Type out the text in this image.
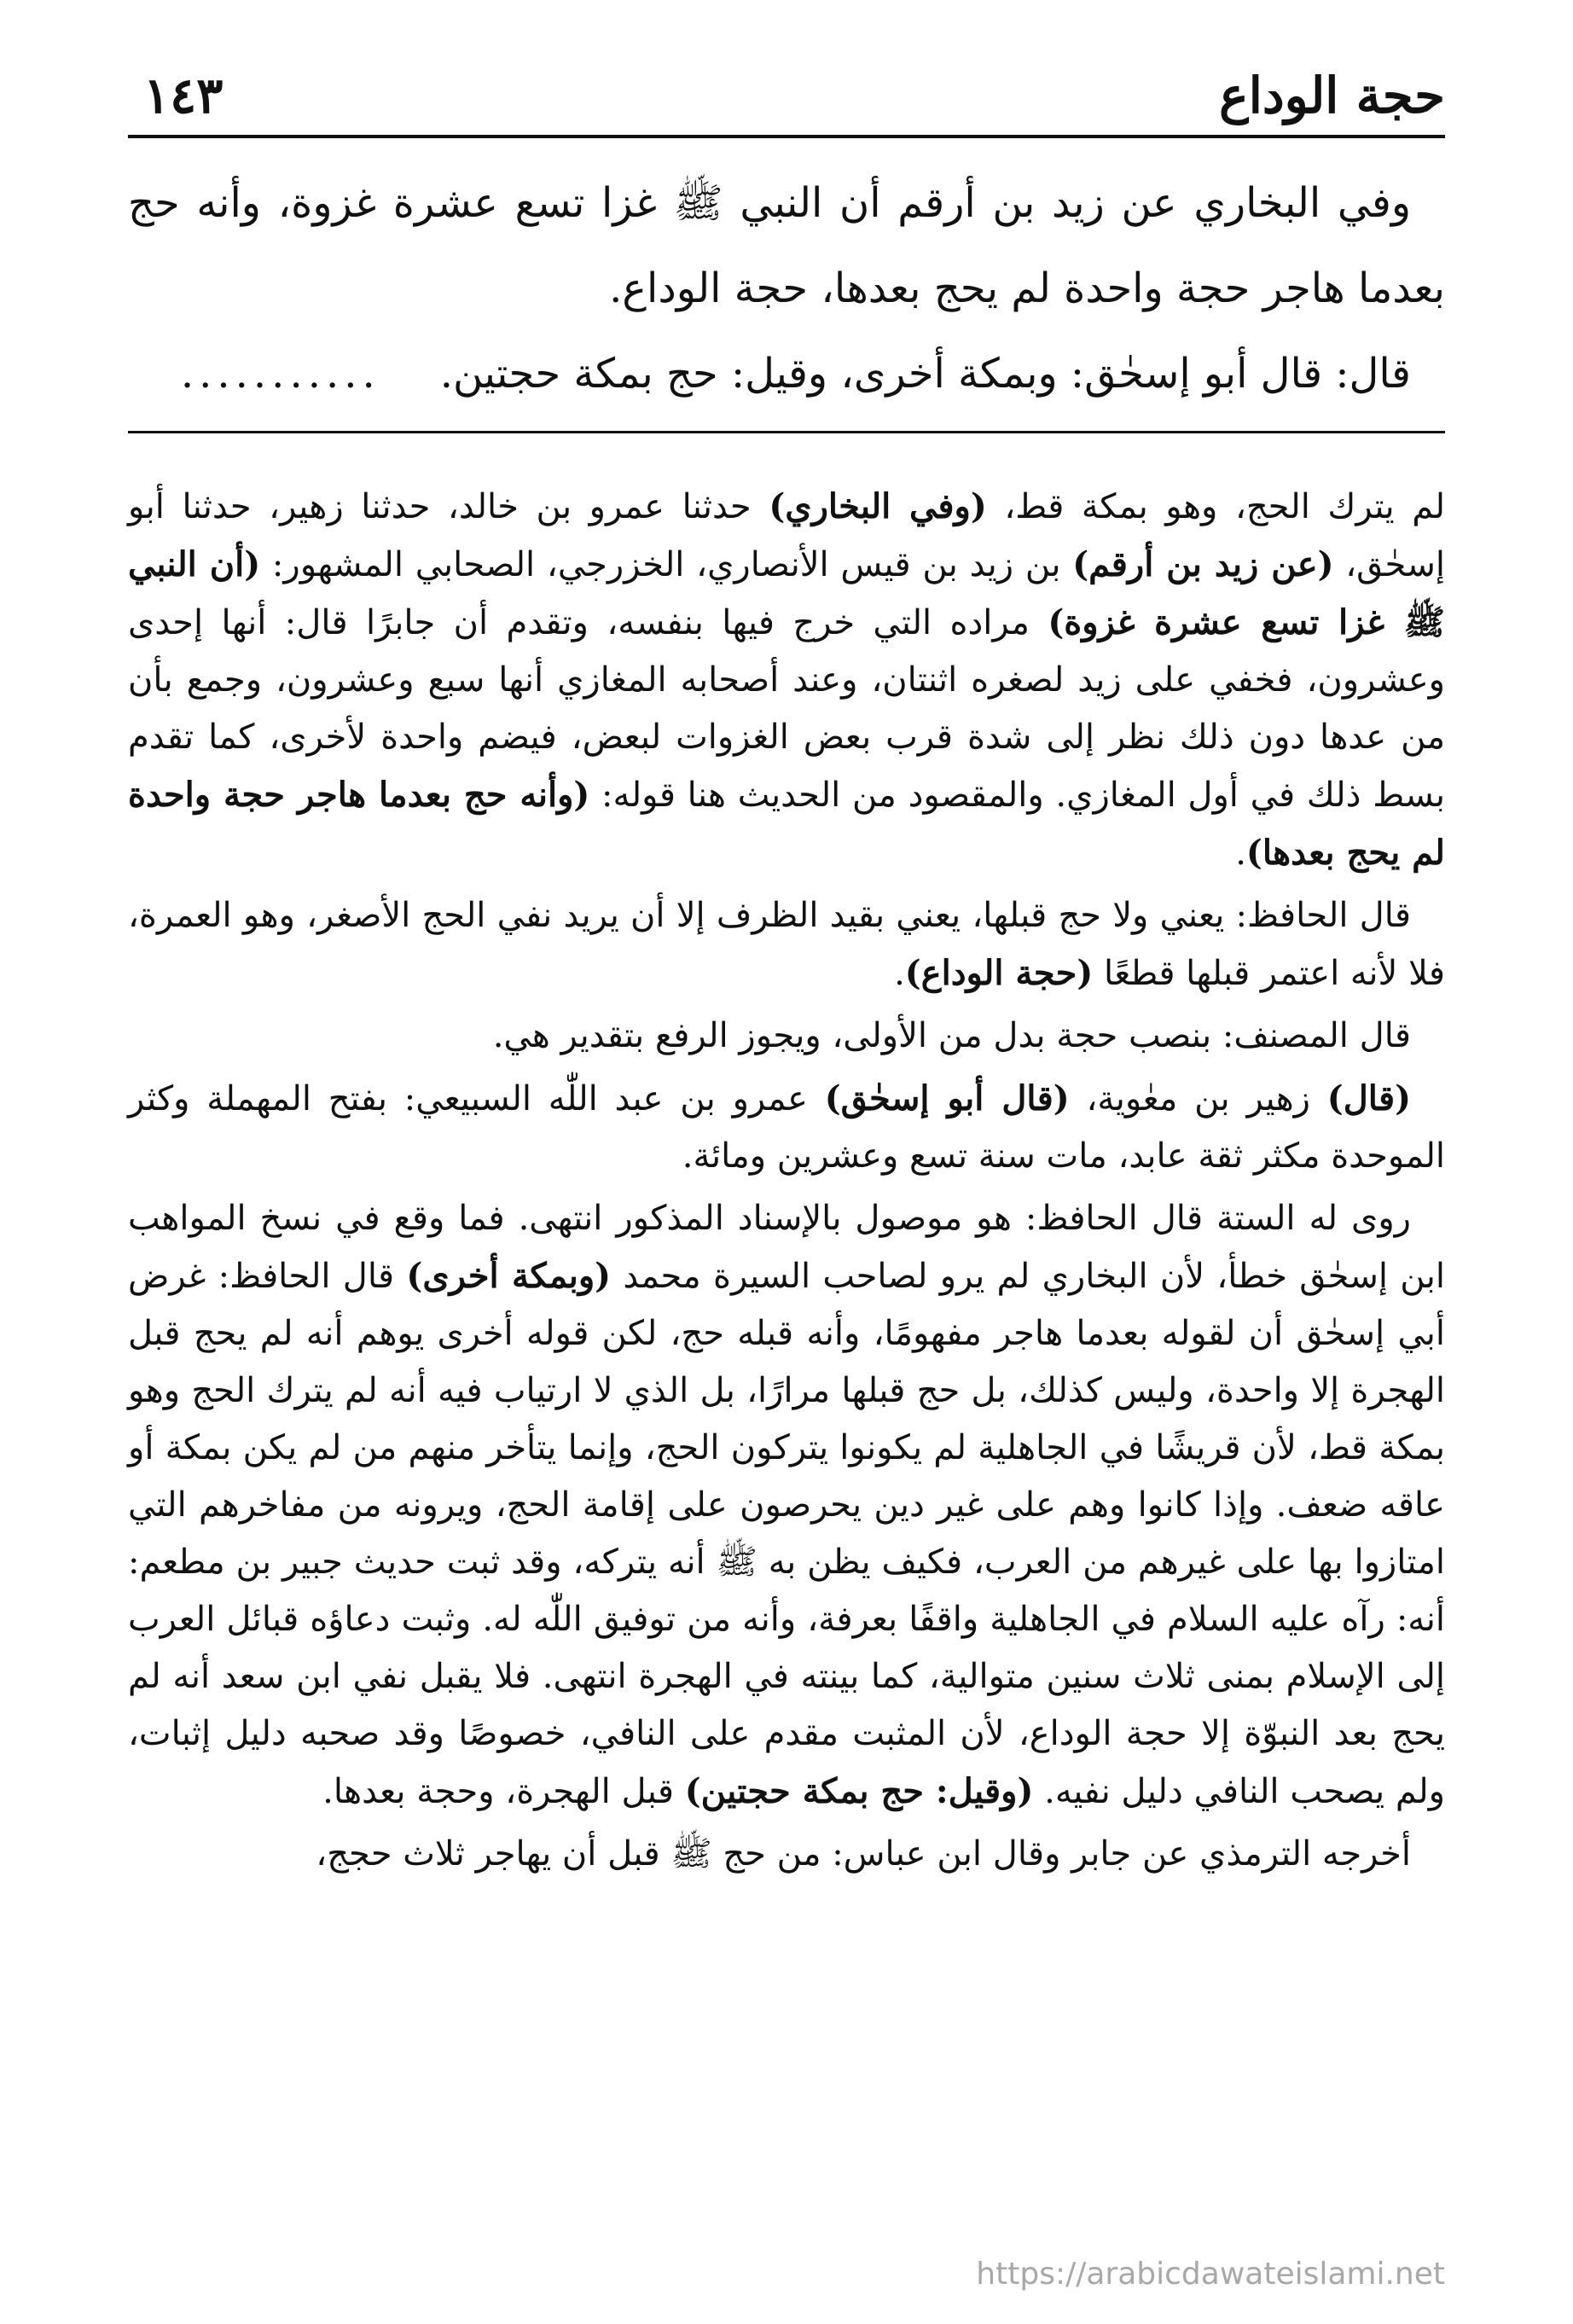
حجة الوداع
١٤٣

وفي البخاري عن زيد بن أرقم أن النبي ﷺ غزا تسع عشرة غزوة، وأنه حج بعدما هاجر حجة واحدة لم يحج بعدها، حجة الوداع.

قال: قال أبو إسحٰق: وبمكة أخرى، وقيل: حج بمكة حجتين............

لم يترك الحج، وهو بمكة قط، (وفي البخاري) حدثنا عمرو بن خالد، حدثنا زهير، حدثنا أبو إسحٰق، (عن زيد بن أرقم) بن زيد بن قيس الأنصاري، الخزرجي، الصحابي المشهور: (أن النبي ﷺ غزا تسع عشرة غزوة) مراده التي خرج فيها بنفسه، وتقدم أن جابرًا قال: أنها إحدى وعشرون، فخفي على زيد لصغره اثنتان، وعند أصحابه المغازي أنها سبع وعشرون، وجمع بأن من عدها دون ذلك نظر إلى شدة قرب بعض الغزوات لبعض، فيضم واحدة لأخرى، كما تقدم بسط ذلك في أول المغازي. والمقصود من الحديث هنا قوله: (وأنه حج بعدما هاجر حجة واحدة لم يحج بعدها).

قال الحافظ: يعني ولا حج قبلها، يعني بقيد الظرف إلا أن يريد نفي الحج الأصغر، وهو العمرة، فلا لأنه اعتمر قبلها قطعًا (حجة الوداع).

قال المصنف: بنصب حجة بدل من الأولى، ويجوز الرفع بتقدير هي.

(قال) زهير بن معٰوية، (قال أبو إسحٰق) عمرو بن عبد اللّٰه السبيعي: بفتح المهملة وكثر الموحدة مكثر ثقة عابد، مات سنة تسع وعشرين ومائة.

روى له الستة قال الحافظ: هو موصول بالإسناد المذكور انتهى. فما وقع في نسخ المواهب ابن إسحٰق خطأ، لأن البخاري لم يرو لصاحب السيرة محمد (وبمكة أخرى) قال الحافظ: غرض أبي إسحٰق أن لقوله بعدما هاجر مفهومًا، وأنه قبله حج، لكن قوله أخرى يوهم أنه لم يحج قبل الهجرة إلا واحدة، وليس كذلك، بل حج قبلها مرارًا، بل الذي لا ارتياب فيه أنه لم يترك الحج وهو بمكة قط، لأن قريشًا في الجاهلية لم يكونوا يتركون الحج، وإنما يتأخر منهم من لم يكن بمكة أو عاقه ضعف. وإذا كانوا وهم على غير دين يحرصون على إقامة الحج، ويرونه من مفاخرهم التي امتازوا بها على غيرهم من العرب، فكيف يظن به ﷺ أنه يتركه، وقد ثبت حديث جبير بن مطعم: أنه: رآه عليه السلام في الجاهلية واقفًا بعرفة، وأنه من توفيق اللّٰه له. وثبت دعاؤه قبائل العرب إلى الإسلام بمنى ثلاث سنين متوالية، كما بينته في الهجرة انتهى. فلا يقبل نفي ابن سعد أنه لم يحج بعد النبوّة إلا حجة الوداع، لأن المثبت مقدم على النافي، خصوصًا وقد صحبه دليل إثبات، ولم يصحب النافي دليل نفيه. (وقيل: حج بمكة حجتين) قبل الهجرة، وحجة بعدها.

أخرجه الترمذي عن جابر وقال ابن عباس: من حج ﷺ قبل أن يهاجر ثلاث حجج،

https://arabicdawateislami.net
